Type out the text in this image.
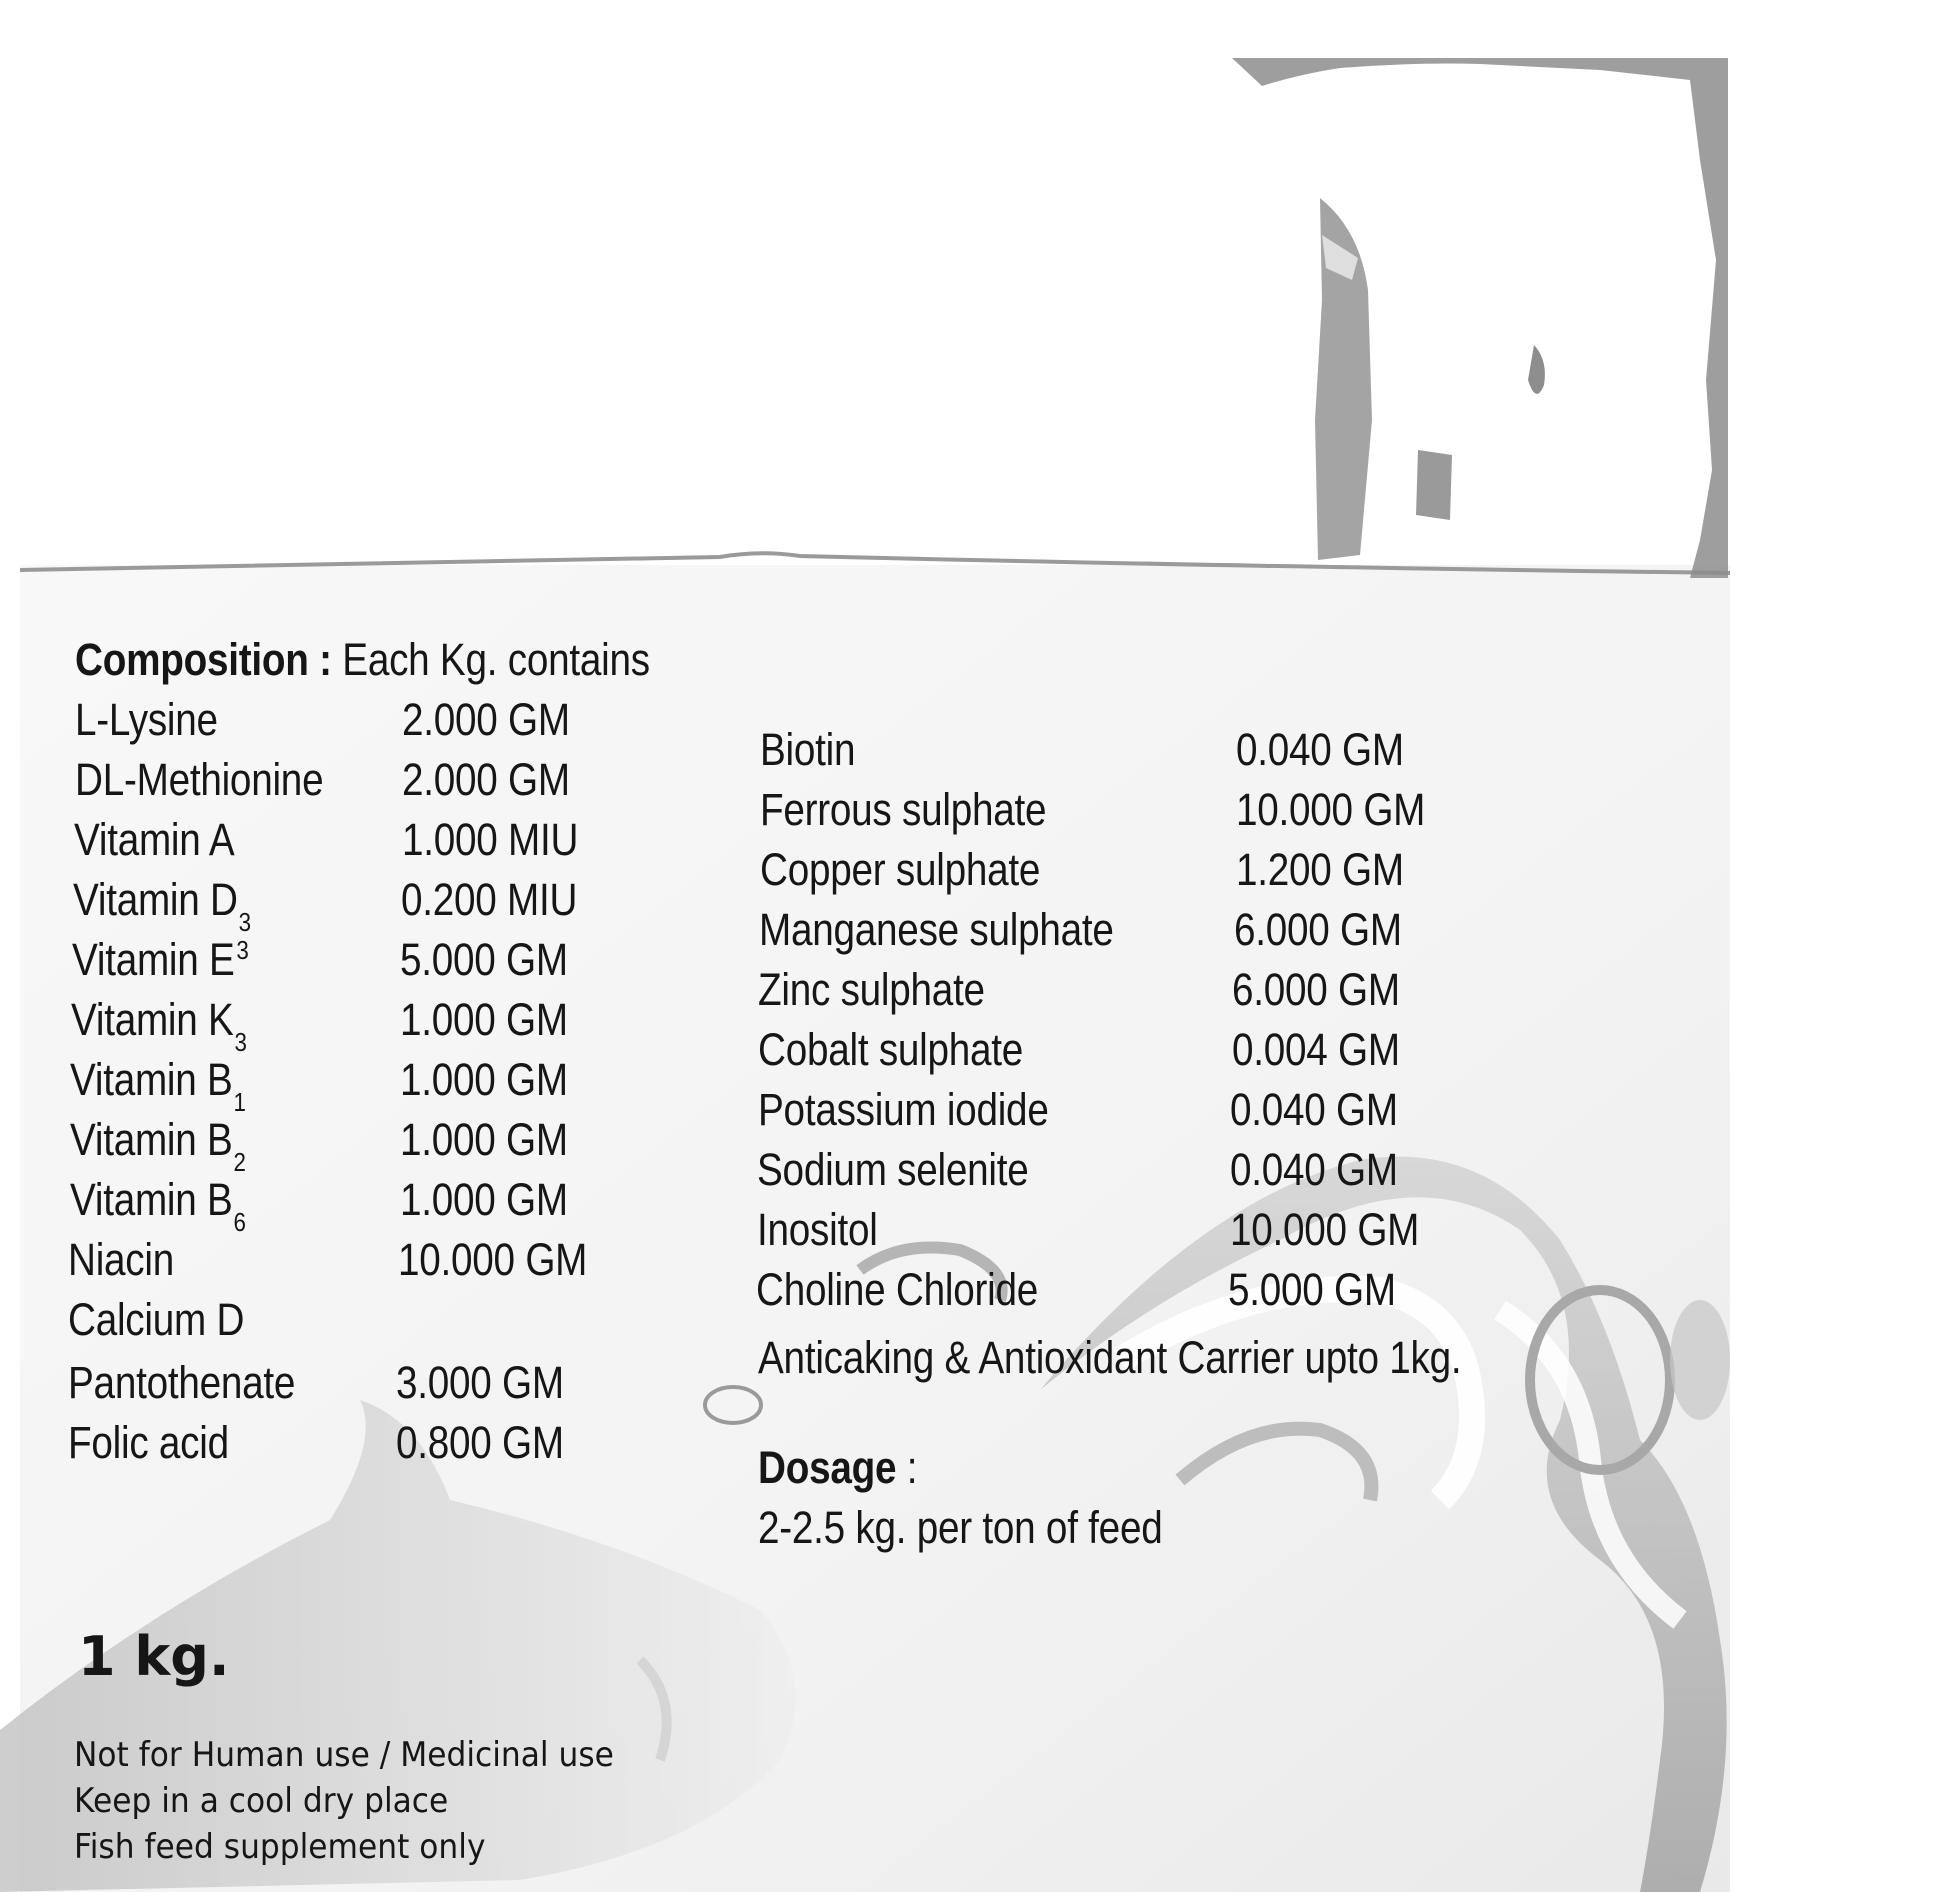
Composition : Each Kg. contains
Anticaking & Antioxidant Carrier upto 1kg.
Dosage :
2-2.5 kg. per ton of feed
1 kg.
Not for Human use / Medicinal use
Keep in a cool dry place
Fish feed supplement only
L-Lysine	2.000 GM
DL-Methionine 2.000 GM
Vitamin A	1.000 MIU
Vitamin $D_3$	0.200 MIU
Vitamin $E^3$	5.000 GM
Vitamin $K_3$	1.000 GM
Vitamin $B_1$	1.000 GM
Vitamin $B_2$	1.000 GM
Vitamin $B_6$	1.000 GM
Niacin	10.000 GM
Calcium D
Pantothenate 3.000 GM
Folic acid	0.800 GM
Biotin	0.040 GM
Ferrous sulphate	10.000 GM
Copper sulphate	1.200 GM
Manganese sulphate	6.000 GM
Zinc sulphate	6.000 GM
Cobalt sulphate	0.004 GM
Potassium iodide	0.040 GM
Sodium selenite	0.040 GM
Inositol	10.000 GM
Choline Chloride	5.000 GM
